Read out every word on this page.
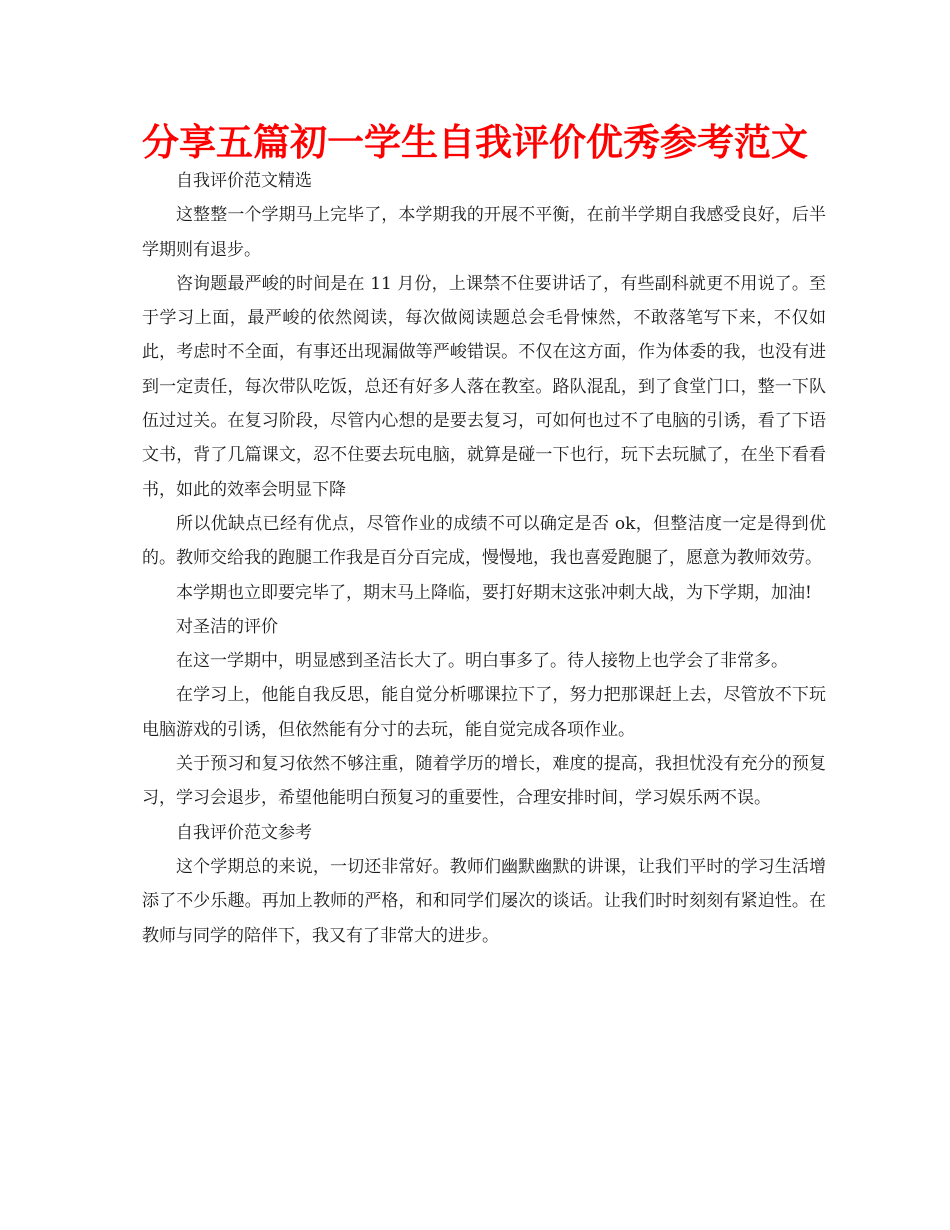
分享五篇初一学生自我评价优秀参考范文

自我评价范文精选

这整整一个学期马上完毕了，本学期我的开展不平衡，在前半学期自我感受良好，后半学期则有退步。

咨询题最严峻的时间是在 11 月份，上课禁不住要讲话了，有些副科就更不用说了。至于学习上面，最严峻的依然阅读，每次做阅读题总会毛骨悚然，不敢落笔写下来，不仅如此，考虑时不全面，有事还出现漏做等严峻错误。不仅在这方面，作为体委的我，也没有进到一定责任，每次带队吃饭，总还有好多人落在教室。路队混乱，到了食堂门口，整一下队伍过过关。在复习阶段，尽管内心想的是要去复习，可如何也过不了电脑的引诱，看了下语文书，背了几篇课文，忍不住要去玩电脑，就算是碰一下也行，玩下去玩腻了，在坐下看看书，如此的效率会明显下降

所以优缺点已经有优点，尽管作业的成绩不可以确定是否 ok，但整洁度一定是得到优的。教师交给我的跑腿工作我是百分百完成，慢慢地，我也喜爱跑腿了，愿意为教师效劳。

本学期也立即要完毕了，期末马上降临，要打好期末这张冲刺大战，为下学期，加油!

对圣洁的评价

在这一学期中，明显感到圣洁长大了。明白事多了。待人接物上也学会了非常多。

在学习上，他能自我反思，能自觉分析哪课拉下了，努力把那课赶上去，尽管放不下玩电脑游戏的引诱，但依然能有分寸的去玩，能自觉完成各项作业。

关于预习和复习依然不够注重，随着学历的增长，难度的提高，我担忧没有充分的预复习，学习会退步，希望他能明白预复习的重要性，合理安排时间，学习娱乐两不误。

自我评价范文参考

这个学期总的来说，一切还非常好。教师们幽默幽默的讲课，让我们平时的学习生活增添了不少乐趣。再加上教师的严格，和和同学们屡次的谈话。让我们时时刻刻有紧迫性。在教师与同学的陪伴下，我又有了非常大的进步。
